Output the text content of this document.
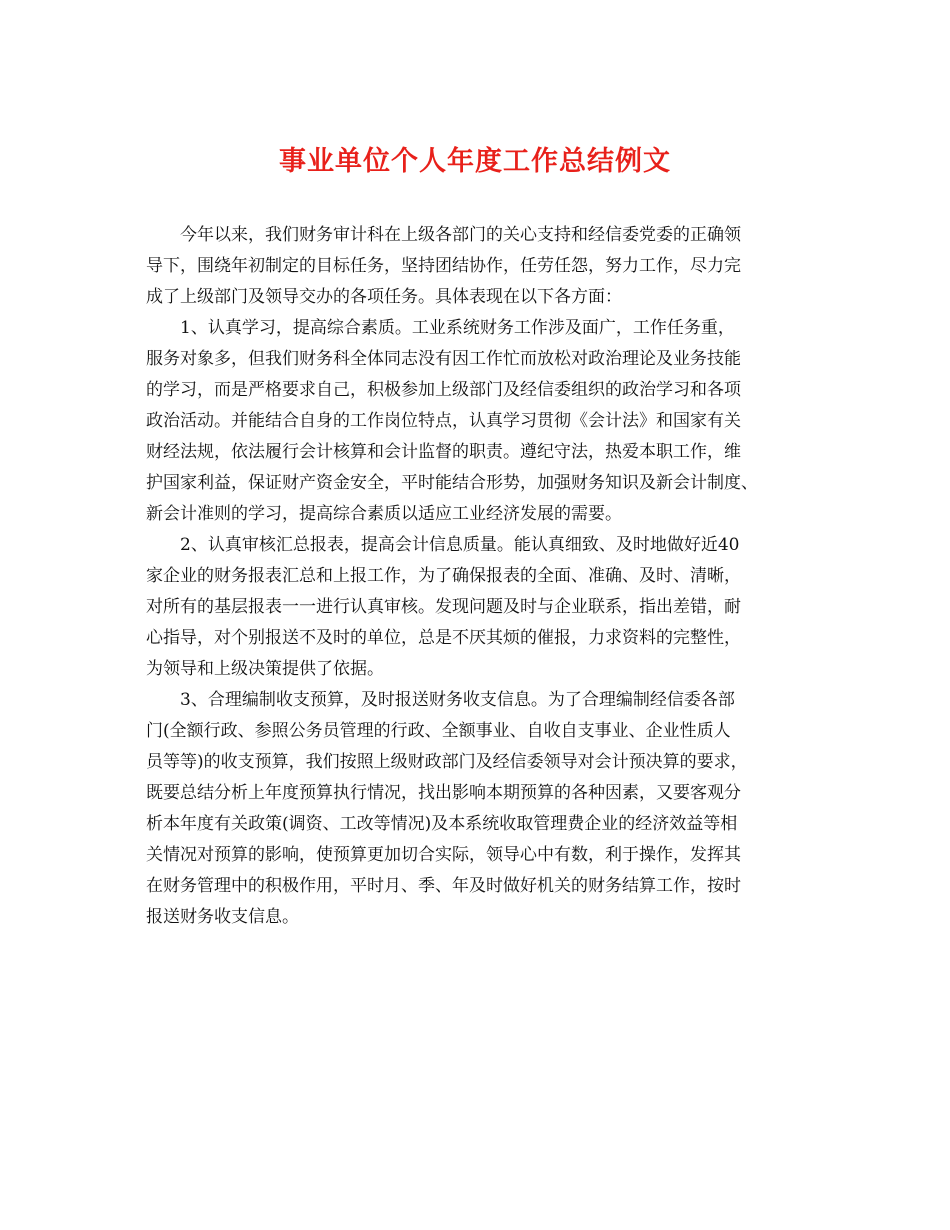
事业单位个人年度工作总结例文
今年以来，我们财务审计科在上级各部门的关心支持和经信委党委的正确领
导下，围绕年初制定的目标任务，坚持团结协作，任劳任怨，努力工作，尽力完
成了上级部门及领导交办的各项任务。具体表现在以下各方面：
1、认真学习，提高综合素质。工业系统财务工作涉及面广，工作任务重，
服务对象多，但我们财务科全体同志没有因工作忙而放松对政治理论及业务技能
的学习，而是严格要求自己，积极参加上级部门及经信委组织的政治学习和各项
政治活动。并能结合自身的工作岗位特点，认真学习贯彻《会计法》和国家有关
财经法规，依法履行会计核算和会计监督的职责。遵纪守法，热爱本职工作，维
护国家利益，保证财产资金安全，平时能结合形势，加强财务知识及新会计制度、
新会计准则的学习，提高综合素质以适应工业经济发展的需要。
2、认真审核汇总报表，提高会计信息质量。能认真细致、及时地做好近40
家企业的财务报表汇总和上报工作，为了确保报表的全面、准确、及时、清晰，
对所有的基层报表一一进行认真审核。发现问题及时与企业联系，指出差错，耐
心指导，对个别报送不及时的单位，总是不厌其烦的催报，力求资料的完整性，
为领导和上级决策提供了依据。
3、合理编制收支预算，及时报送财务收支信息。为了合理编制经信委各部
门(全额行政、参照公务员管理的行政、全额事业、自收自支事业、企业性质人
员等等)的收支预算，我们按照上级财政部门及经信委领导对会计预决算的要求，
既要总结分析上年度预算执行情况，找出影响本期预算的各种因素，又要客观分
析本年度有关政策(调资、工改等情况)及本系统收取管理费企业的经济效益等相
关情况对预算的影响，使预算更加切合实际，领导心中有数，利于操作，发挥其
在财务管理中的积极作用，平时月、季、年及时做好机关的财务结算工作，按时
报送财务收支信息。
